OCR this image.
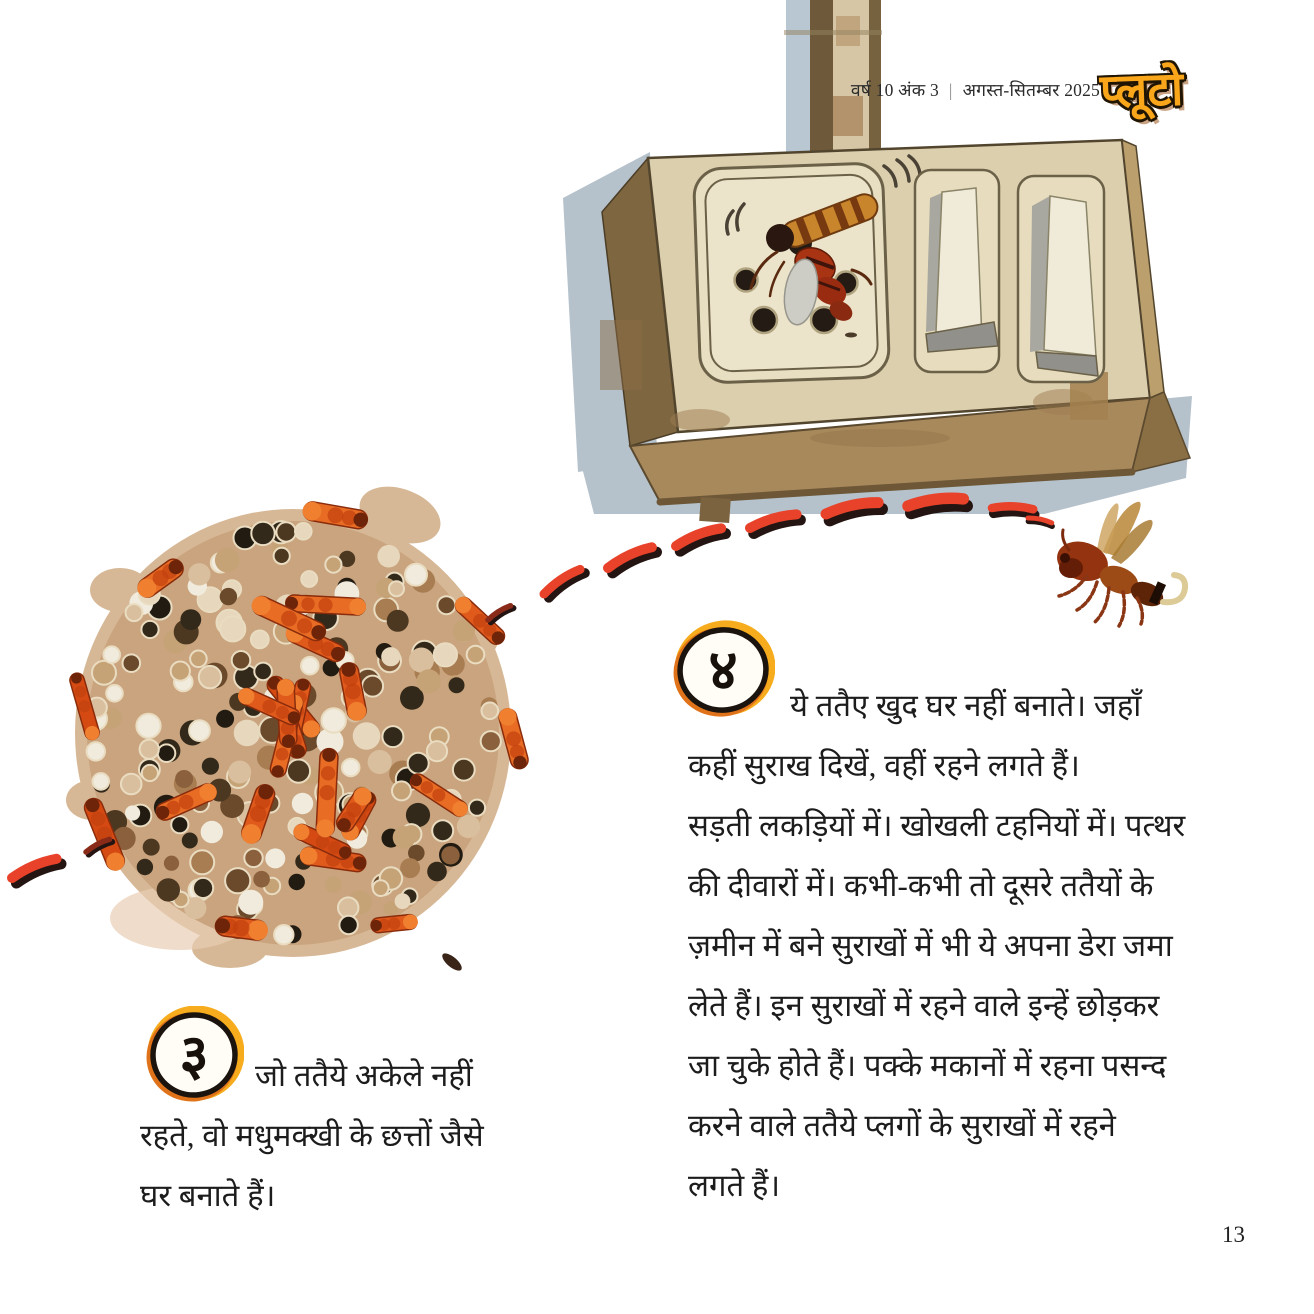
वर्ष 10 अंक 3 | अगस्त-सितम्बर 2025 प्लूटो
४
ये ततैए खुद घर नहीं बनाते। जहाँ
कहीं सुराख दिखें, वहीं रहने लगते हैं।
सड़ती लकड़ियों में। खोखली टहनियों में। पत्थर
की दीवारों में। कभी-कभी तो दूसरे ततैयों के
ज़मीन में बने सुराखों में भी ये अपना डेरा जमा
लेते हैं। इन सुराखों में रहने वाले इन्हें छोड़कर
जा चुके होते हैं। पक्के मकानों में रहना पसन्द
करने वाले ततैये प्लगों के सुराखों में रहने
लगते हैं।
३	जो ततैये अकेले नहीं
रहते, वो मधुमक्खी के छत्तों जैसे
घर बनाते हैं।
13
